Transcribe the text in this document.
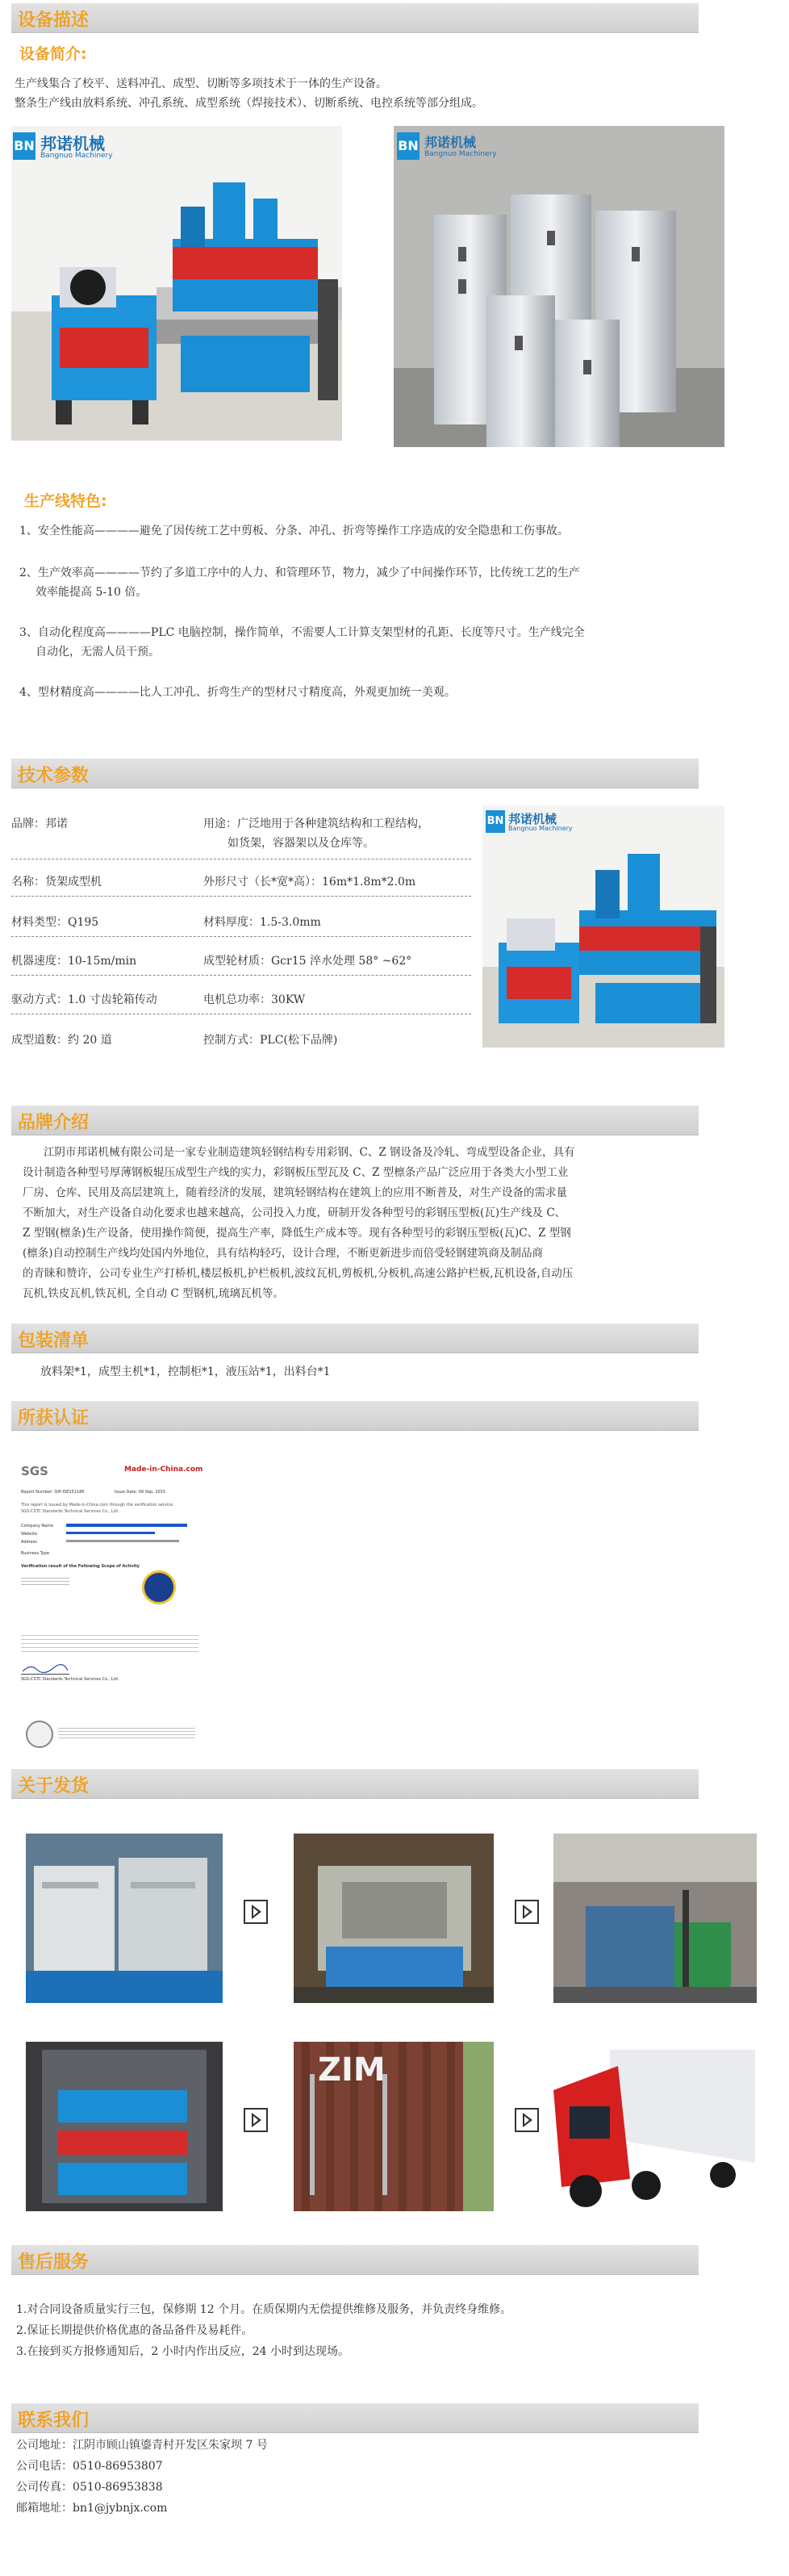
设备描述
设备简介:
生产线集合了校平、送料冲孔、成型、切断等多项技术于一体的生产设备。
整条生产线由放料系统、冲孔系统、成型系统（焊接技术）、切断系统、电控系统等部分组成。
BN 邦诺机械
Bangnuo Machinery
BN 邦诺机械
Bangnuo Machinery
生产线特色:
1、安全性能高————避免了因传统工艺中剪板、分条、冲孔、折弯等操作工序造成的安全隐患和工伤事故。
2、生产效率高————节约了多道工序中的人力、和管理环节，物力，减少了中间操作环节，比传统工艺的生产
效率能提高 5-10 倍。
3、自动化程度高————PLC 电脑控制，操作简单，不需要人工计算支架型材的孔距、长度等尺寸。生产线完全
自动化，无需人员干预。
4、型材精度高————比人工冲孔、折弯生产的型材尺寸精度高，外观更加统一美观。
技术参数
品牌：邦诺	用途：广泛地用于各种建筑结构和工程结构，
如货架，容器架以及仓库等。
名称：货架成型机	外形尺寸（长*宽*高）：16m*1.8m*2.0m
材料类型：Q195	材料厚度：1.5-3.0mm
机器速度：10-15m/min	成型轮材质：Gcr15 淬水处理 58° ~62°
驱动方式：1.0 寸齿轮箱传动	电机总功率：30KW
成型道数：约 20 道	控制方式：PLC(松下品牌)
BN 邦诺机械
Bangnuo Machinery
品牌介绍
江阴市邦诺机械有限公司是一家专业制造建筑轻钢结构专用彩钢、C、Z 钢设备及冷轧、弯成型设备企业，具有
设计制造各种型号厚薄钢板辊压成型生产线的实力，彩钢板压型瓦及 C、Z 型檩条产品广泛应用于各类大小型工业
厂房、仓库、民用及高层建筑上，随着经济的发展，建筑轻钢结构在建筑上的应用不断普及，对生产设备的需求量
不断加大，对生产设备自动化要求也越来越高，公司投入力度，研制开发各种型号的彩钢压型板(瓦)生产线及 C、
Z 型钢(檩条)生产设备，使用操作简便，提高生产率，降低生产成本等。现有各种型号的彩钢压型板(瓦)C、Z 型钢
(檩条)自动控制生产线均处国内外地位，具有结构轻巧，设计合理，不断更新进步而倍受轻钢建筑商及制品商
的青睐和赞许，公司专业生产打桥机,楼层板机,护栏板机,波纹瓦机,剪板机,分板机,高速公路护栏板,瓦机设备,自动压
瓦机,铁皮瓦机,铁瓦机, 全自动 C 型钢机,琉璃瓦机等。
包装清单
放料架*1，成型主机*1，控制柜*1，液压站*1，出料台*1
所获认证
SGS	Made-in-China.com
Report Number: QIP-ISE151186	Issue Date: 09 Sep, 2015
This report is issued by Made-in-China.com through the verification service
SGS-CSTC Standards Technical Services Co., Ltd.
Company Name
Website
Address
Business Type
Verification result of the Following Scope of Activity
SGS-CSTC Standards Technical Services Co., Ltd.
关于发货
ZIM
售后服务
1.对合同设备质量实行三包，保修期 12 个月。在质保期内无偿提供维修及服务，并负责终身维修。
2.保证长期提供价格优惠的备品备件及易耗件。
3.在接到买方报修通知后，2 小时内作出反应，24 小时到达现场。
联系我们
公司地址：江阴市顾山镇鎏青村开发区朱家坝 7 号
公司电话：0510-86953807
公司传真：0510-86953838
邮箱地址：bn1@jybnjx.com
